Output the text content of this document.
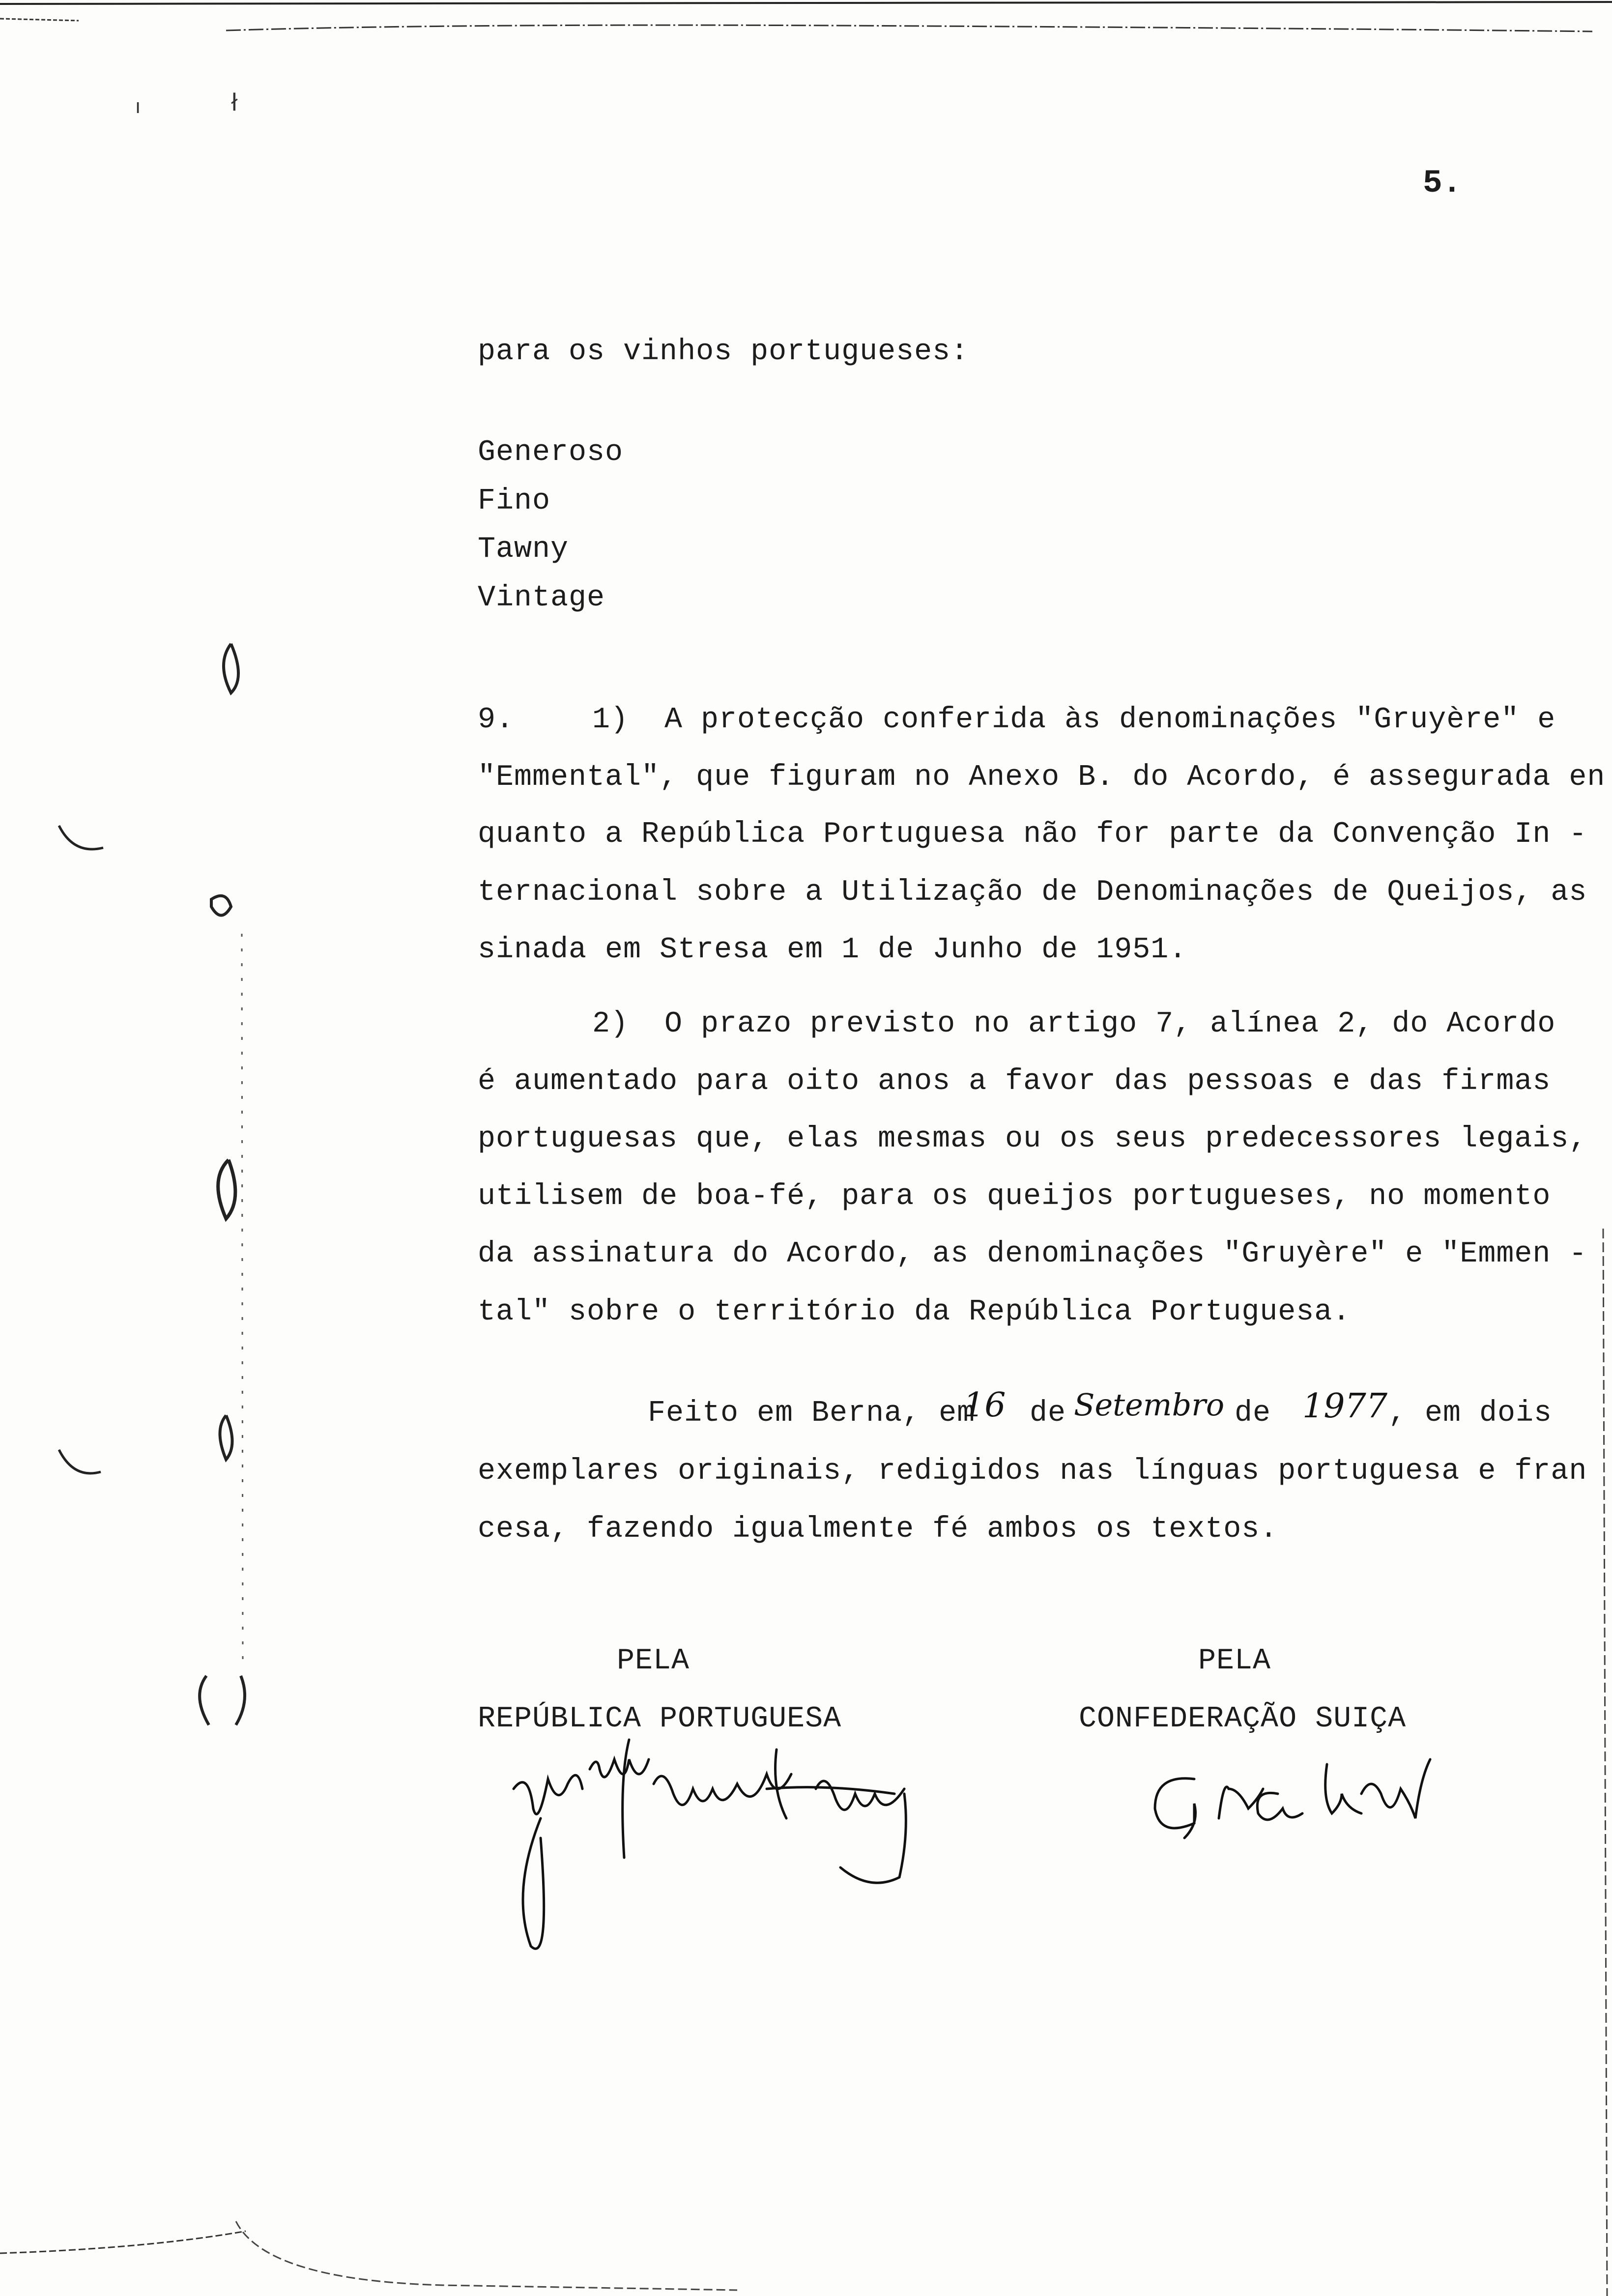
ı	ł
5.
para os vinhos portugueses:
Generoso
Fino
Tawny
Vintage
9.	1) A protecção conferida às denominações "Gruyère" e
"Emmental", que figuram no Anexo B. do Acordo, é assegurada en
quanto a República Portuguesa não for parte da Convenção In -
ternacional sobre a Utilização de Denominações de Queijos, as
sinada em Stresa em 1 de Junho de 1951.
2) O prazo previsto no artigo 7, alínea 2, do Acordo
é aumentado para oito anos a favor das pessoas e das firmas
portuguesas que, elas mesmas ou os seus predecessores legais,
utilisem de boa-fé, para os queijos portugueses, no momento
da assinatura do Acordo, as denominações "Gruyère" e "Emmen -
tal" sobre o território da República Portuguesa.
Feito em Berna, em
16 de Setembro de 1977 , em dois
exemplares originais, redigidos nas línguas portuguesa e fran
cesa, fazendo igualmente fé ambos os textos.
PELA
REPÚBLICA PORTUGUESA
PELA
CONFEDERAÇÃO SUIÇA
